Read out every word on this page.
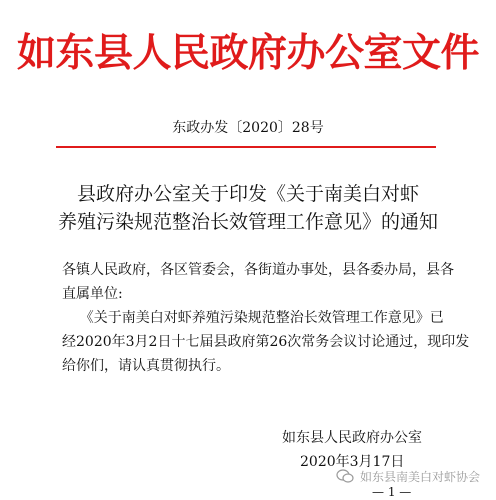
如东县人民政府办公室文件
东政办发〔2020〕28号
县政府办公室关于印发《关于南美白对虾
养殖污染规范整治长效管理工作意见》的通知
各镇人民政府，各区管委会，各街道办事处，县各委办局，县各
直属单位:
《关于南美白对虾养殖污染规范整治长效管理工作意见》已
经2020年3月2日十七届县政府第26次常务会议讨论通过，现印发
给你们，请认真贯彻执行。
如东县人民政府办公室
2020年3月17日
如东县南美白对虾协会
— 1 —
